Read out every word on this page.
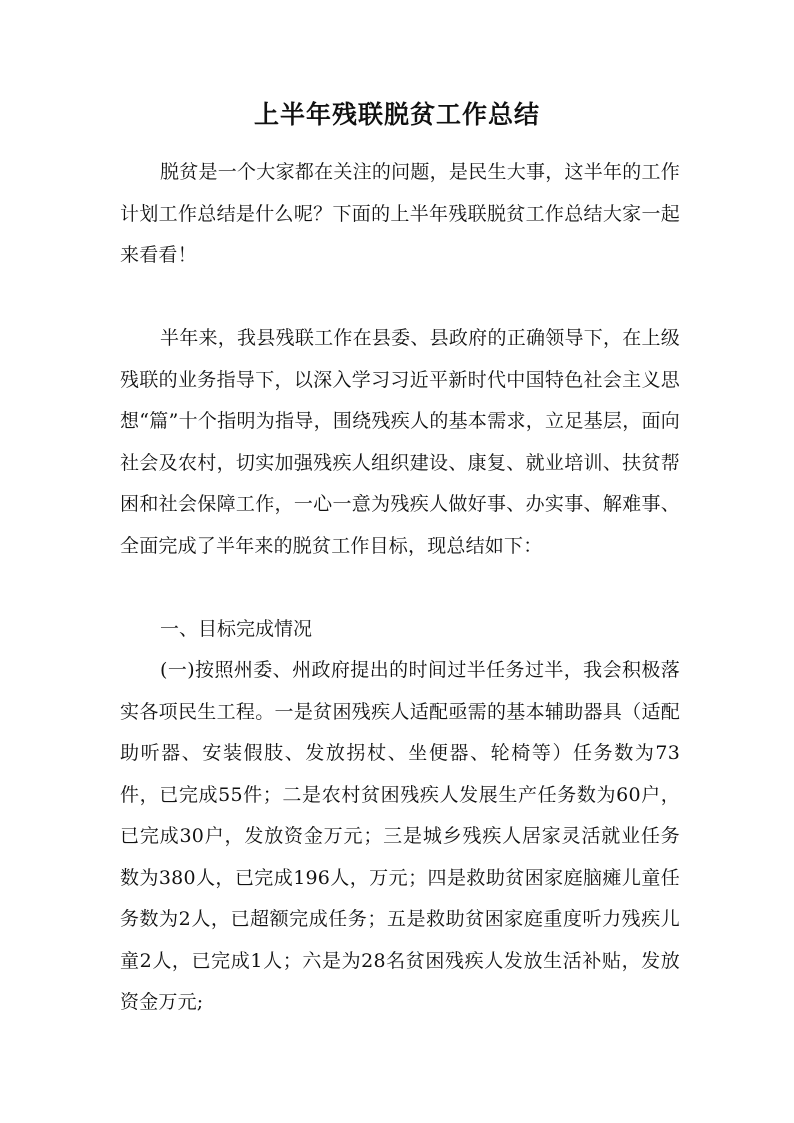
上半年残联脱贫工作总结

脱贫是一个大家都在关注的问题，是民生大事，这半年的工作计划工作总结是什么呢？下面的上半年残联脱贫工作总结大家一起来看看！

半年来，我县残联工作在县委、县政府的正确领导下，在上级残联的业务指导下，以深入学习习近平新时代中国特色社会主义思想“篇”十个指明为指导，围绕残疾人的基本需求，立足基层，面向社会及农村，切实加强残疾人组织建设、康复、就业培训、扶贫帮困和社会保障工作，一心一意为残疾人做好事、办实事、解难事、全面完成了半年来的脱贫工作目标，现总结如下：

一、目标完成情况

(一)按照州委、州政府提出的时间过半任务过半，我会积极落实各项民生工程。一是贫困残疾人适配亟需的基本辅助器具（适配助听器、安装假肢、发放拐杖、坐便器、轮椅等）任务数为73件，已完成55件；二是农村贫困残疾人发展生产任务数为60户，已完成30户，发放资金万元；三是城乡残疾人居家灵活就业任务数为380人，已完成196人，万元；四是救助贫困家庭脑瘫儿童任务数为2人，已超额完成任务；五是救助贫困家庭重度听力残疾儿童2人，已完成1人；六是为28名贫困残疾人发放生活补贴，发放资金万元;
